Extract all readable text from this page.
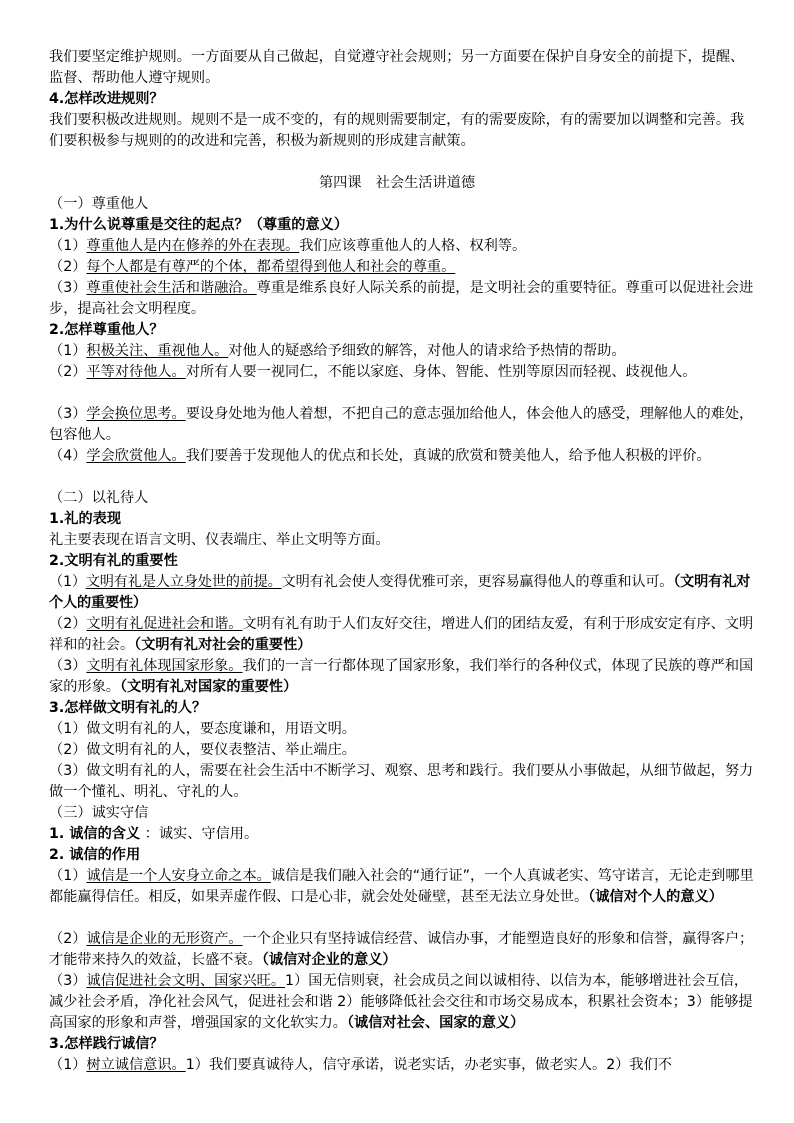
我们要坚定维护规则。一方面要从自己做起，自觉遵守社会规则；另一方面要在保护自身安全的前提下，提醒、监督、帮助他人遵守规则。

4.怎样改进规则？

我们要积极改进规则。规则不是一成不变的，有的规则需要制定，有的需要废除，有的需要加以调整和完善。我们要积极参与规则的的改进和完善，积极为新规则的形成建言献策。

第四课　社会生活讲道德

（一）尊重他人

1.为什么说尊重是交往的起点？（尊重的意义）

（1）尊重他人是内在修养的外在表现。我们应该尊重他人的人格、权利等。

（2）每个人都是有尊严的个体，都希望得到他人和社会的尊重。

（3）尊重使社会生活和谐融洽。尊重是维系良好人际关系的前提，是文明社会的重要特征。尊重可以促进社会进步，提高社会文明程度。

2.怎样尊重他人？

（1）积极关注、重视他人。对他人的疑惑给予细致的解答，对他人的请求给予热情的帮助。

（2）平等对待他人。对所有人要一视同仁，不能以家庭、身体、智能、性别等原因而轻视、歧视他人。

（3）学会换位思考。要设身处地为他人着想，不把自己的意志强加给他人，体会他人的感受，理解他人的难处，包容他人。

（4）学会欣赏他人。我们要善于发现他人的优点和长处，真诚的欣赏和赞美他人，给予他人积极的评价。

（二）以礼待人

1.礼的表现

礼主要表现在语言文明、仪表端庄、举止文明等方面。

2.文明有礼的重要性

（1）文明有礼是人立身处世的前提。文明有礼会使人变得优雅可亲，更容易赢得他人的尊重和认可。（文明有礼对个人的重要性）

（2）文明有礼促进社会和谐。文明有礼有助于人们友好交往，增进人们的团结友爱，有利于形成安定有序、文明祥和的社会。（文明有礼对社会的重要性）

（3）文明有礼体现国家形象。我们的一言一行都体现了国家形象，我们举行的各种仪式，体现了民族的尊严和国家的形象。（文明有礼对国家的重要性）

3.怎样做文明有礼的人？

（1）做文明有礼的人，要态度谦和，用语文明。

（2）做文明有礼的人，要仪表整洁、举止端庄。

（3）做文明有礼的人，需要在社会生活中不断学习、观察、思考和践行。我们要从小事做起，从细节做起，努力做一个懂礼、明礼、守礼的人。

（三）诚实守信

1. 诚信的含义 ：诚实、守信用。

2. 诚信的作用

（1）诚信是一个人安身立命之本。诚信是我们融入社会的“通行证”，一个人真诚老实、笃守诺言，无论走到哪里都能赢得信任。相反，如果弄虚作假、口是心非，就会处处碰壁，甚至无法立身处世。（诚信对个人的意义）

（2）诚信是企业的无形资产。一个企业只有坚持诚信经营、诚信办事，才能塑造良好的形象和信誉，赢得客户；才能带来持久的效益，长盛不衰。（诚信对企业的意义）

（3）诚信促进社会文明、国家兴旺。1）国无信则衰，社会成员之间以诚相待、以信为本，能够增进社会互信，减少社会矛盾，净化社会风气，促进社会和谐 2）能够降低社会交往和市场交易成本，积累社会资本；3）能够提高国家的形象和声誉，增强国家的文化软实力。（诚信对社会、国家的意义）

3.怎样践行诚信？

（1）树立诚信意识。1）我们要真诚待人，信守承诺，说老实话，办老实事，做老实人。2）我们不
